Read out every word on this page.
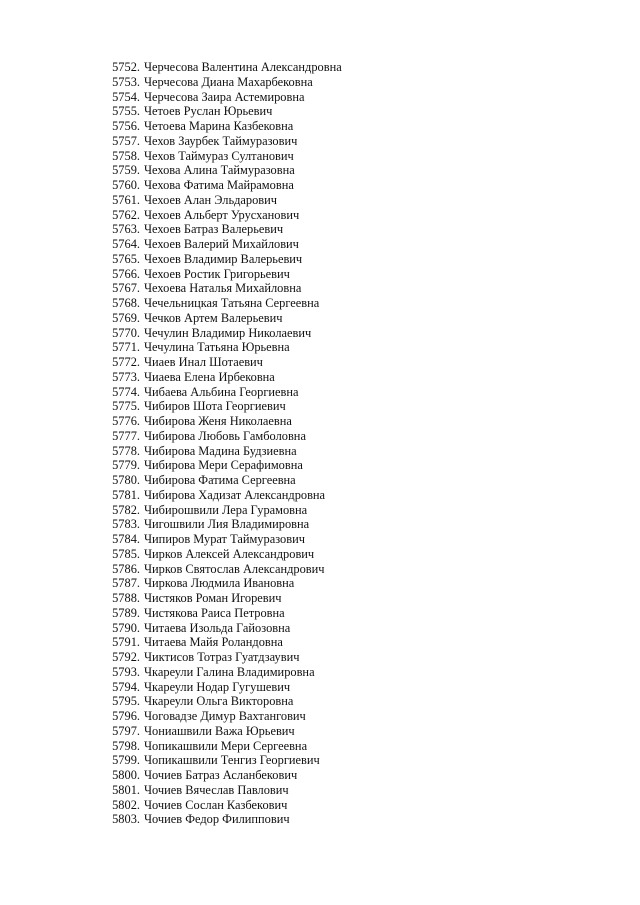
5752. Черчесова Валентина Александровна
5753. Черчесова Диана Махарбековна
5754. Черчесова Заира Астемировна
5755. Четоев Руслан Юрьевич
5756. Четоева Марина Казбековна
5757. Чехов Заурбек Таймуразович
5758. Чехов Таймураз Султанович
5759. Чехова Алина Таймуразовна
5760. Чехова Фатима Майрамовна
5761. Чехоев Алан Эльдарович
5762. Чехоев Альберт Урусханович
5763. Чехоев Батраз Валерьевич
5764. Чехоев Валерий Михайлович
5765. Чехоев Владимир Валерьевич
5766. Чехоев Ростик Григорьевич
5767. Чехоева Наталья Михайловна
5768. Чечельницкая Татьяна Сергеевна
5769. Чечков Артем Валерьевич
5770. Чечулин Владимир Николаевич
5771. Чечулина Татьяна Юрьевна
5772. Чиаев Инал Шотаевич
5773. Чиаева Елена Ирбековна
5774. Чибаева Альбина Георгиевна
5775. Чибиров Шота Георгиевич
5776. Чибирова Женя Николаевна
5777. Чибирова Любовь Гамболовна
5778. Чибирова Мадина Будзиевна
5779. Чибирова Мери Серафимовна
5780. Чибирова Фатима Сергеевна
5781. Чибирова Хадизат Александровна
5782. Чибирошвили Лера Гурамовна
5783. Чигошвили Лия Владимировна
5784. Чипиров Мурат Таймуразович
5785. Чирков Алексей Александрович
5786. Чирков Святослав Александрович
5787. Чиркова Людмила Ивановна
5788. Чистяков Роман Игоревич
5789. Чистякова Раиса Петровна
5790. Читаева Изольда Гайозовна
5791. Читаева Майя Роландовна
5792. Чиктисов Тотраз Гуатдзаувич
5793. Чкареули Галина Владимировна
5794. Чкареули Нодар Гугушевич
5795. Чкареули Ольга Викторовна
5796. Чоговадзе Димур Вахтангович
5797. Чониашвили Важа Юрьевич
5798. Чопикашвили Мери Сергеевна
5799. Чопикашвили Тенгиз Георгиевич
5800. Чочиев Батраз Асланбекович
5801. Чочиев Вячеслав Павлович
5802. Чочиев Сослан Казбекович
5803. Чочиев Федор Филиппович
